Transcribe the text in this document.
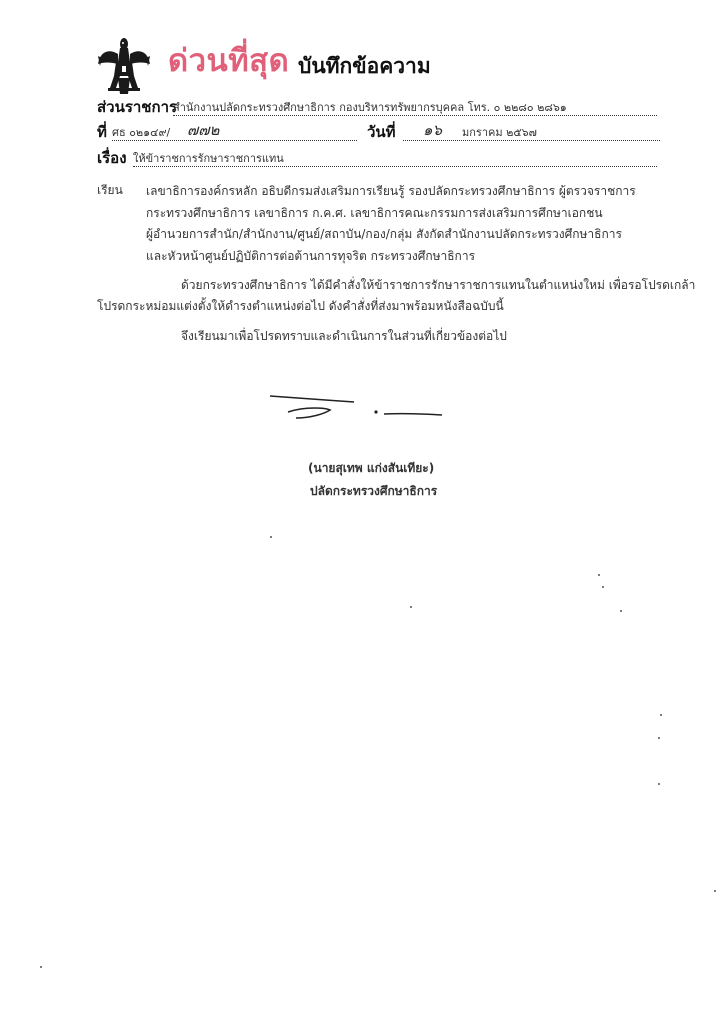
ด่วนที่สุด บันทึกข้อความ
ส่วนราชการ
สำนักงานปลัดกระทรวงศึกษาธิการ กองบริหารทรัพยากรบุคคล โทร. ๐ ๒๒๘๐ ๒๘๖๑
ที่ ศธ ๐๒๑๔๙/ ๗๗๒	วันที่ ๑๖ มกราคม ๒๕๖๗
เรื่อง ให้ข้าราชการรักษาราชการแทน
เรียน เลขาธิการองค์กรหลัก อธิบดีกรมส่งเสริมการเรียนรู้ รองปลัดกระทรวงศึกษาธิการ ผู้ตรวจราชการ
กระทรวงศึกษาธิการ เลขาธิการ ก.ค.ศ. เลขาธิการคณะกรรมการส่งเสริมการศึกษาเอกชน
ผู้อำนวยการสำนัก/สำนักงาน/ศูนย์/สถาบัน/กอง/กลุ่ม สังกัดสำนักงานปลัดกระทรวงศึกษาธิการ
และหัวหน้าศูนย์ปฏิบัติการต่อต้านการทุจริต กระทรวงศึกษาธิการ
ด้วยกระทรวงศึกษาธิการ ได้มีคำสั่งให้ข้าราชการรักษาราชการแทนในตำแหน่งใหม่ เพื่อรอโปรดเกล้า
โปรดกระหม่อมแต่งตั้งให้ดำรงตำแหน่งต่อไป ดังคำสั่งที่ส่งมาพร้อมหนังสือฉบับนี้
จึงเรียนมาเพื่อโปรดทราบและดำเนินการในส่วนที่เกี่ยวข้องต่อไป
(นายสุเทพ แก่งสันเทียะ)
ปลัดกระทรวงศึกษาธิการ
